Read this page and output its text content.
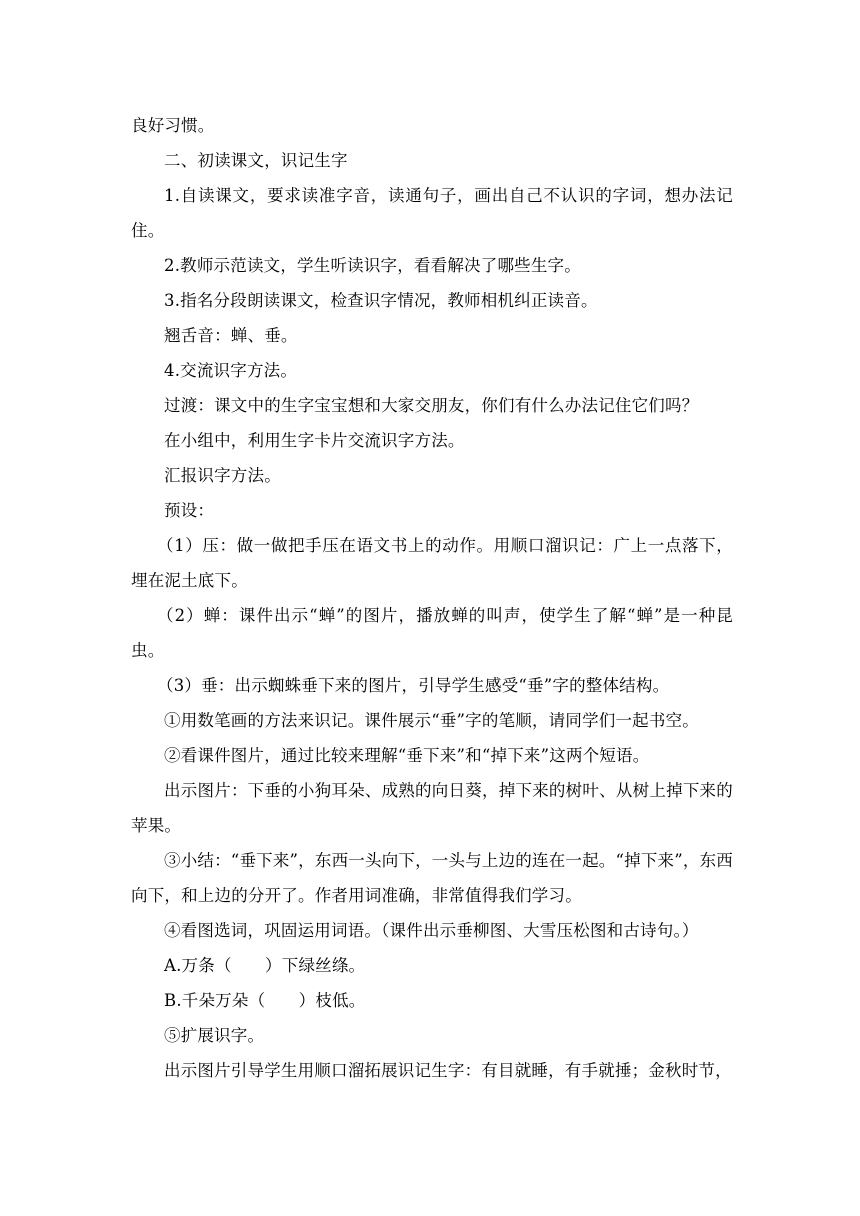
良好习惯。

二、初读课文，识记生字

1.自读课文，要求读准字音，读通句子，画出自己不认识的字词，想办法记住。

2.教师示范读文，学生听读识字，看看解决了哪些生字。

3.指名分段朗读课文，检查识字情况，教师相机纠正读音。

翘舌音：蝉、垂。

4.交流识字方法。

过渡：课文中的生字宝宝想和大家交朋友，你们有什么办法记住它们吗？

在小组中，利用生字卡片交流识字方法。

汇报识字方法。

预设：

（1）压：做一做把手压在语文书上的动作。用顺口溜识记：广上一点落下，埋在泥土底下。

（2）蝉：课件出示“蝉”的图片，播放蝉的叫声，使学生了解“蝉”是一种昆虫。

（3）垂：出示蜘蛛垂下来的图片，引导学生感受“垂”字的整体结构。

①用数笔画的方法来识记。课件展示“垂”字的笔顺，请同学们一起书空。

②看课件图片，通过比较来理解“垂下来”和“掉下来”这两个短语。

出示图片：下垂的小狗耳朵、成熟的向日葵，掉下来的树叶、从树上掉下来的苹果。

③小结：“垂下来”，东西一头向下，一头与上边的连在一起。“掉下来”，东西向下，和上边的分开了。作者用词准确，非常值得我们学习。

④看图选词，巩固运用词语。（课件出示垂柳图、大雪压松图和古诗句。）

A.万条（　　）下绿丝绦。

B.千朵万朵（　　）枝低。

⑤扩展识字。

出示图片引导学生用顺口溜拓展识记生字：有目就睡，有手就捶；金秋时节，
